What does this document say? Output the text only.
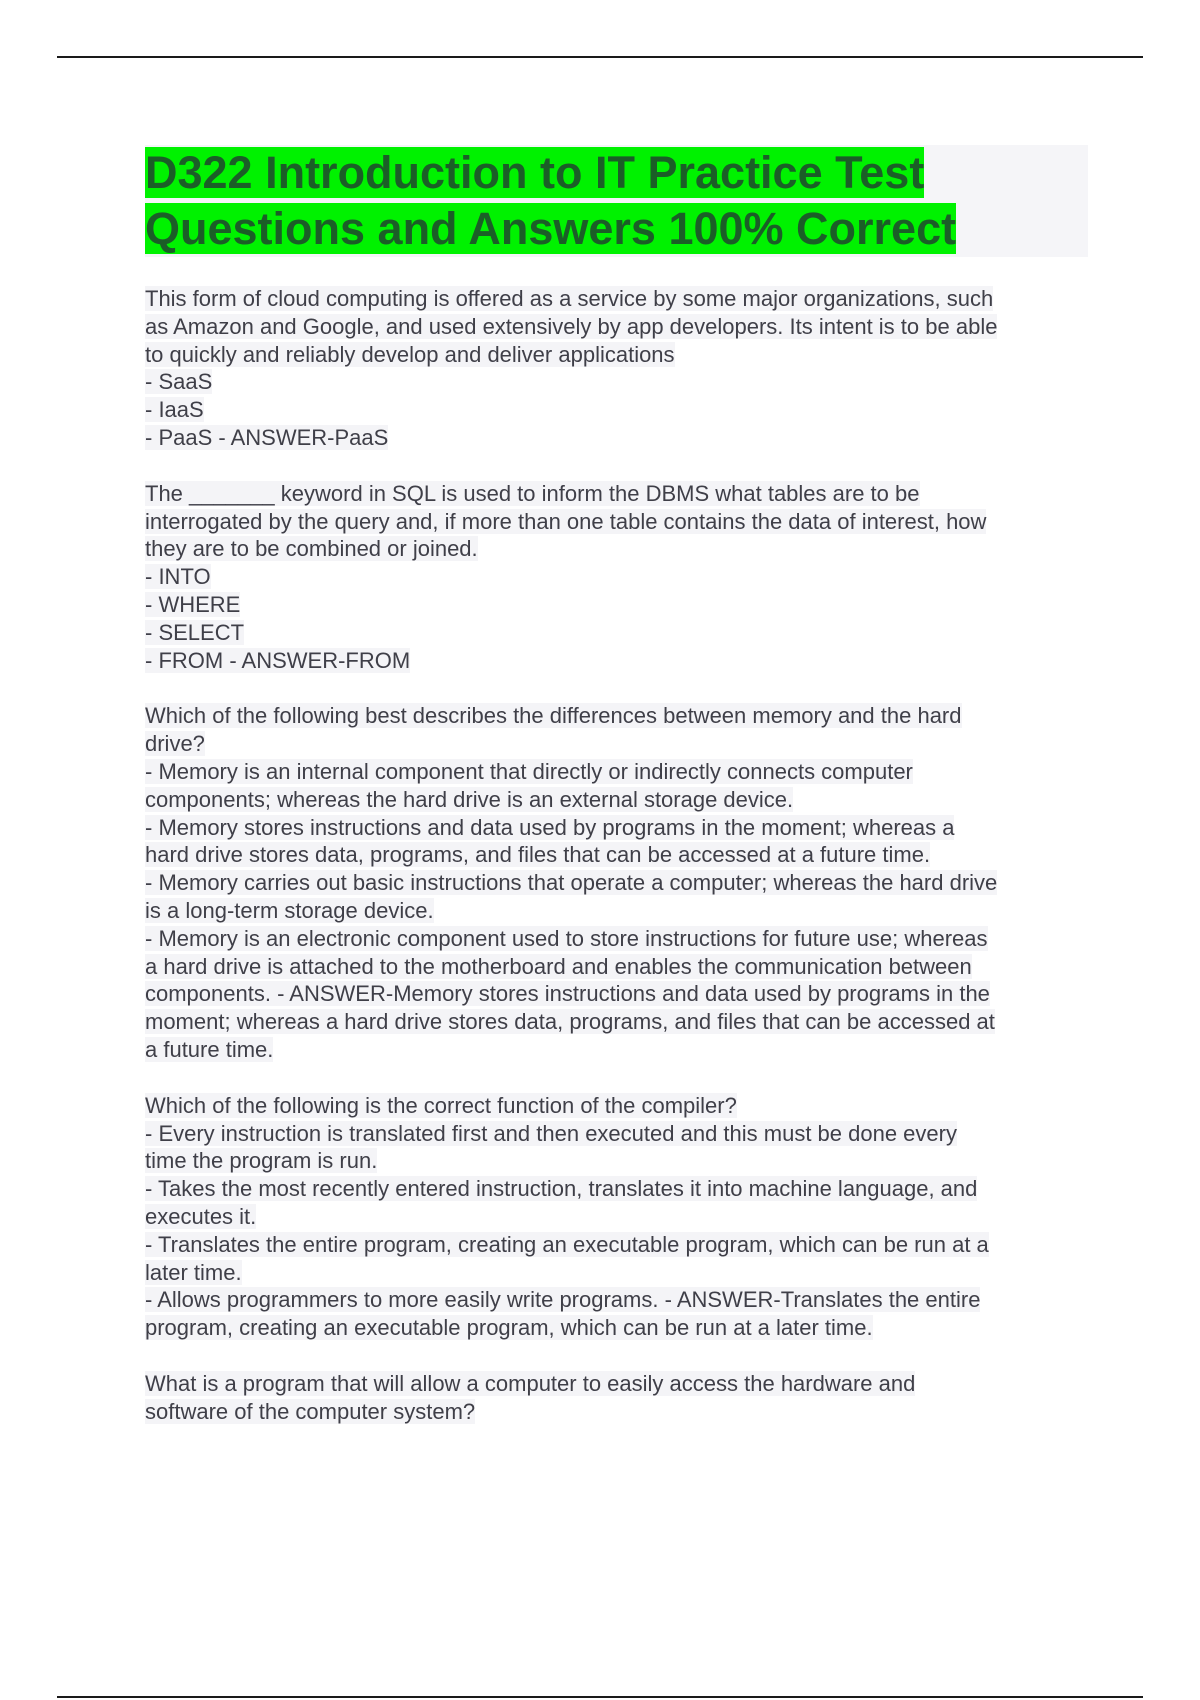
D322 Introduction to IT Practice Test
Questions and Answers 100% Correct
This form of cloud computing is offered as a service by some major organizations, such
as Amazon and Google, and used extensively by app developers. Its intent is to be able
to quickly and reliably develop and deliver applications
- SaaS
- IaaS
- PaaS - ANSWER-PaaS
The _______ keyword in SQL is used to inform the DBMS what tables are to be
interrogated by the query and, if more than one table contains the data of interest, how
they are to be combined or joined.
- INTO
- WHERE
- SELECT
- FROM - ANSWER-FROM
Which of the following best describes the differences between memory and the hard
drive?
- Memory is an internal component that directly or indirectly connects computer
components; whereas the hard drive is an external storage device.
- Memory stores instructions and data used by programs in the moment; whereas a
hard drive stores data, programs, and files that can be accessed at a future time.
- Memory carries out basic instructions that operate a computer; whereas the hard drive
is a long-term storage device.
- Memory is an electronic component used to store instructions for future use; whereas
a hard drive is attached to the motherboard and enables the communication between
components. - ANSWER-Memory stores instructions and data used by programs in the
moment; whereas a hard drive stores data, programs, and files that can be accessed at
a future time.
Which of the following is the correct function of the compiler?
- Every instruction is translated first and then executed and this must be done every
time the program is run.
- Takes the most recently entered instruction, translates it into machine language, and
executes it.
- Translates the entire program, creating an executable program, which can be run at a
later time.
- Allows programmers to more easily write programs. - ANSWER-Translates the entire
program, creating an executable program, which can be run at a later time.
What is a program that will allow a computer to easily access the hardware and
software of the computer system?
